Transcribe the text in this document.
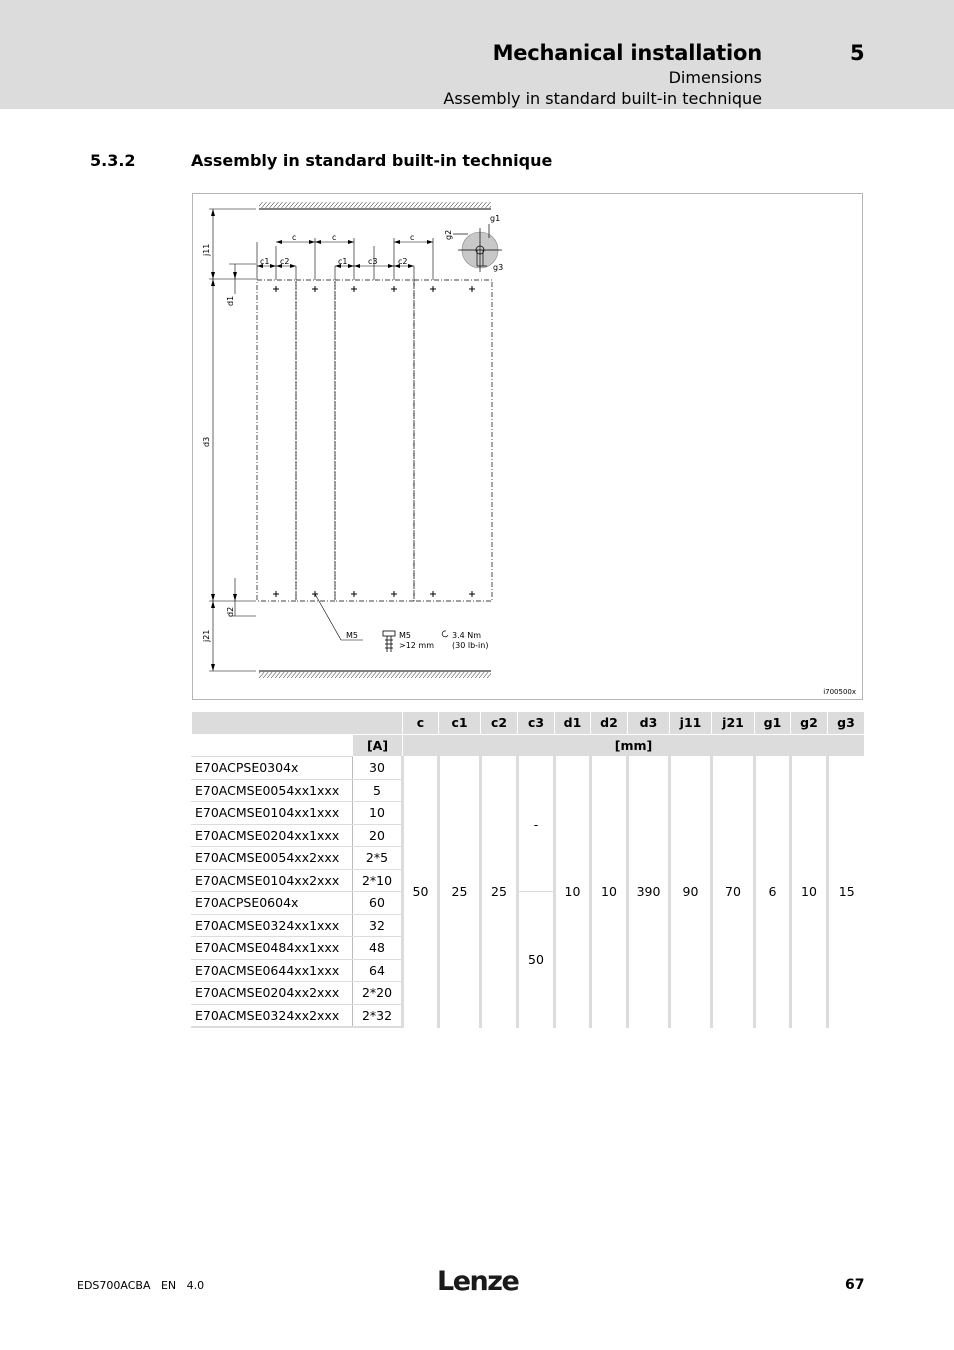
Mechanical installation	5
Dimensions
Assembly in standard built-in technique
5.3.2	Assembly in standard built-in technique
j11
d1
d3
d2
j21
c	c	c
c1 c2	c1	c3	c2
g1
g2
g3
M5	M5
>12 mm
3.4 Nm
(30 lb-in)
i700500x
		c	c1	c2	c3	d1	d2	d3	j11	j21	g1	g2	g3
	[A]	[mm]											
E70ACPSE0304x	30	50	25	25	-	10	10	390	90	70	6	10	15
E70ACMSE0054xx1xxx	5												
E70ACMSE0104xx1xxx	10												
E70ACMSE0204xx1xxx	20												
E70ACMSE0054xx2xxx	2*5												
E70ACMSE0104xx2xxx	2*10												
E70ACPSE0604x	60				50								
E70ACMSE0324xx1xxx	32												
E70ACMSE0484xx1xxx	48												
E70ACMSE0644xx1xxx	64												
E70ACMSE0204xx2xxx	2*20												
E70ACMSE0324xx2xxx	2*32												
EDS700ACBA EN 4.0	Lenze	67
